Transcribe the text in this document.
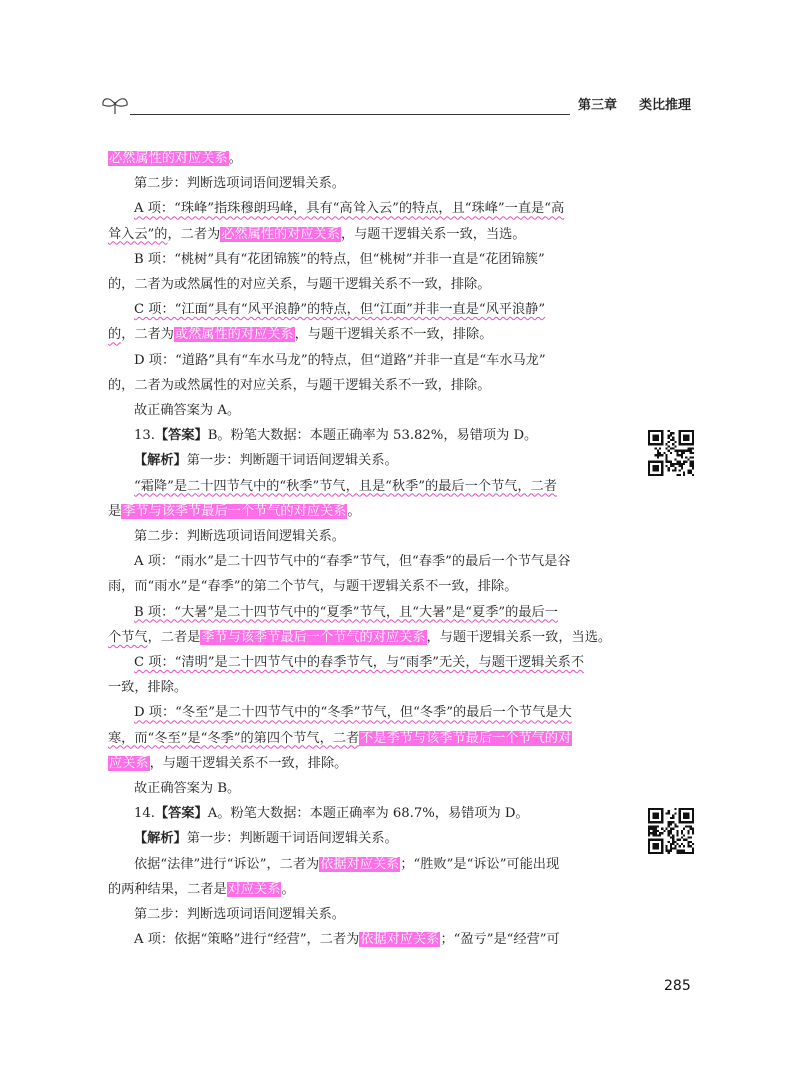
第三章 类比推理

必然属性的对应关系。

第二步：判断选项词语间逻辑关系。

A 项：“珠峰”指珠穆朗玛峰，具有“高耸入云”的特点，且“珠峰”一直是“高

耸入云”的，二者为必然属性的对应关系，与题干逻辑关系一致，当选。

B 项：“桃树”具有“花团锦簇”的特点，但“桃树”并非一直是“花团锦簇”

的，二者为或然属性的对应关系，与题干逻辑关系不一致，排除。

C 项：“江面”具有“风平浪静”的特点，但“江面”并非一直是“风平浪静”

的，二者为或然属性的对应关系，与题干逻辑关系不一致，排除。

D 项：“道路”具有“车水马龙”的特点，但“道路”并非一直是“车水马龙”

的，二者为或然属性的对应关系，与题干逻辑关系不一致，排除。

故正确答案为 A。

13.【答案】B。粉笔大数据：本题正确率为 53.82%，易错项为 D。

【解析】第一步：判断题干词语间逻辑关系。

“霜降”是二十四节气中的“秋季”节气，且是“秋季”的最后一个节气，二者

是季节与该季节最后一个节气的对应关系。

第二步：判断选项词语间逻辑关系。

A 项：“雨水”是二十四节气中的“春季”节气，但“春季”的最后一个节气是谷

雨，而“雨水”是“春季”的第二个节气，与题干逻辑关系不一致，排除。

B 项：“大暑”是二十四节气中的“夏季”节气，且“大暑”是“夏季”的最后一

个节气，二者是季节与该季节最后一个节气的对应关系，与题干逻辑关系一致，当选。

C 项：“清明”是二十四节气中的春季节气，与“雨季”无关，与题干逻辑关系不

一致，排除。

D 项：“冬至”是二十四节气中的“冬季”节气，但“冬季”的最后一个节气是大

寒，而“冬至”是“冬季”的第四个节气，二者不是季节与该季节最后一个节气的对

应关系，与题干逻辑关系不一致，排除。

故正确答案为 B。

14.【答案】A。粉笔大数据：本题正确率为 68.7%，易错项为 D。

【解析】第一步：判断题干词语间逻辑关系。

依据“法律”进行“诉讼”，二者为依据对应关系；“胜败”是“诉讼”可能出现

的两种结果，二者是对应关系。

第二步：判断选项词语间逻辑关系。

A 项：依据“策略”进行“经营”，二者为依据对应关系；“盈亏”是“经营”可

285
